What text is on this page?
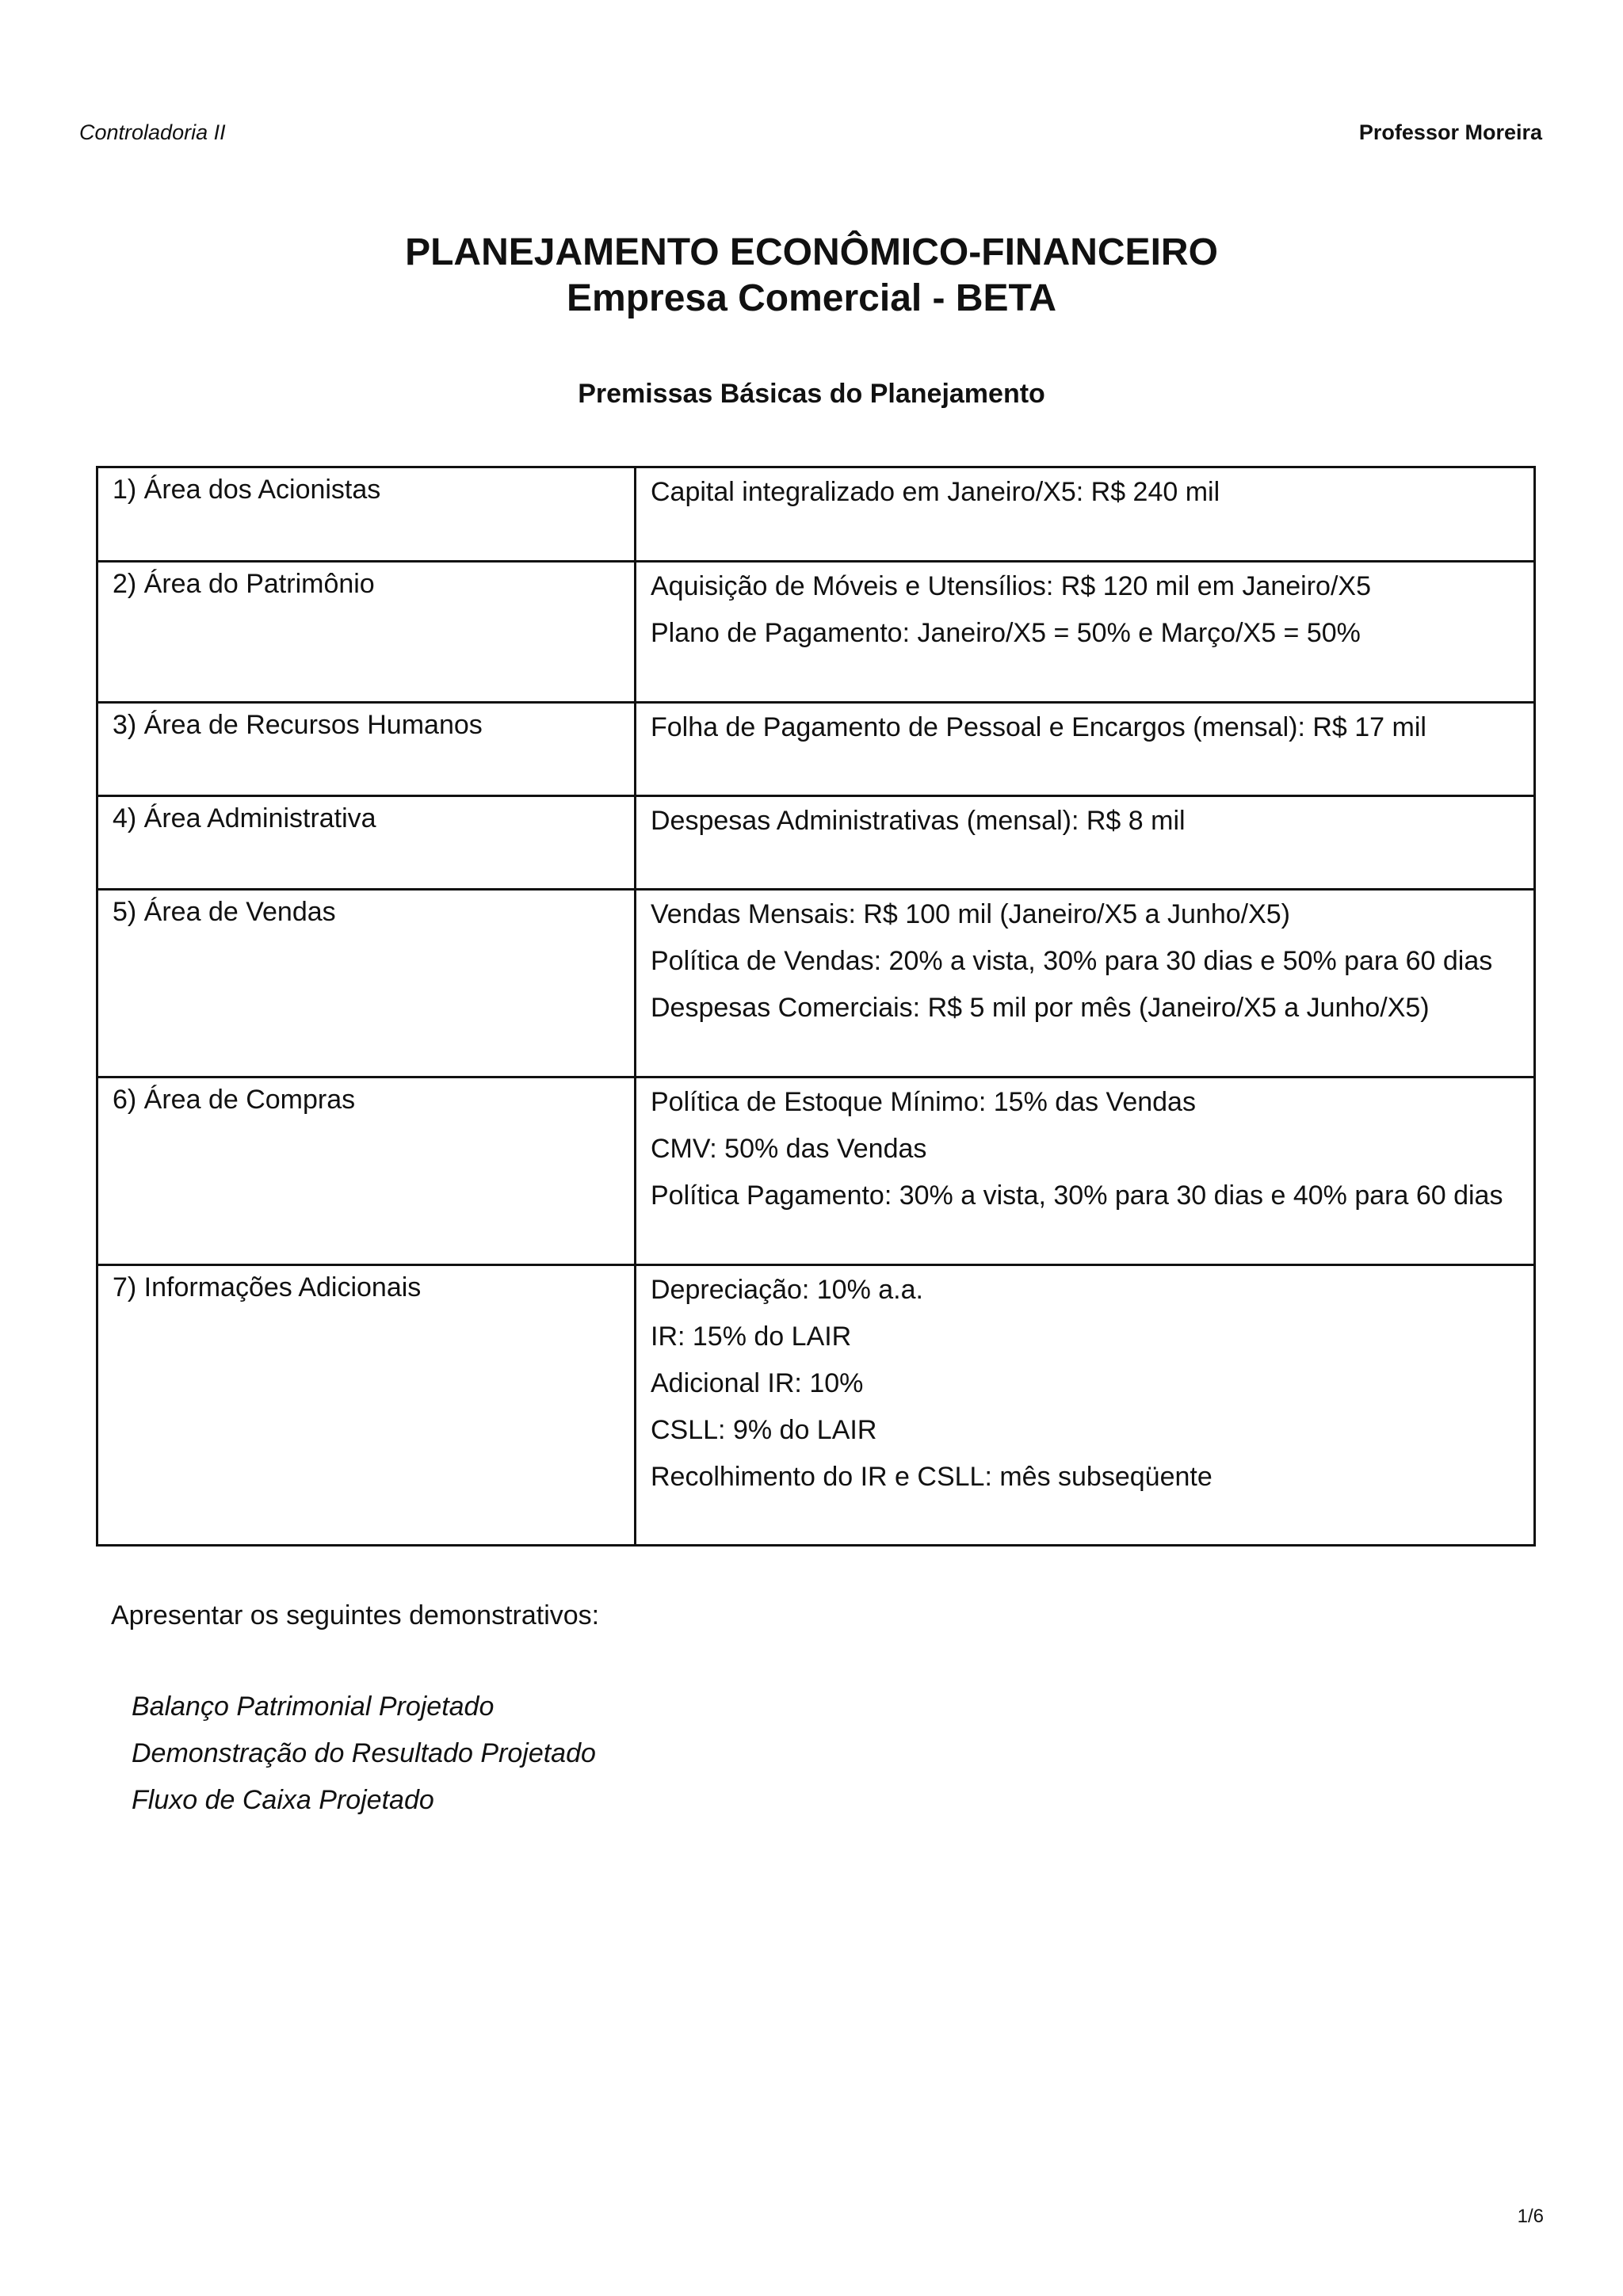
Controladoria II	Professor Moreira
PLANEJAMENTO ECONÔMICO-FINANCEIRO
Empresa Comercial - BETA
Premissas Básicas do Planejamento
1) Área dos Acionistas	Capital integralizado em Janeiro/X5: R$ 240 mil

2) Área do Patrimônio	Aquisição de Móveis e Utensílios: R$ 120 mil em Janeiro/X5
Plano de Pagamento: Janeiro/X5 = 50% e Março/X5 = 50%

3) Área de Recursos Humanos	Folha de Pagamento de Pessoal e Encargos (mensal): R$ 17 mil

4) Área Administrativa	Despesas Administrativas (mensal): R$ 8 mil

5) Área de Vendas	Vendas Mensais: R$ 100 mil (Janeiro/X5 a Junho/X5)
Política de Vendas: 20% a vista, 30% para 30 dias e 50% para 60 dias
Despesas Comerciais: R$ 5 mil por mês (Janeiro/X5 a Junho/X5)

6) Área de Compras	Política de Estoque Mínimo: 15% das Vendas
CMV: 50% das Vendas
Política Pagamento: 30% a vista, 30% para 30 dias e 40% para 60 dias

7) Informações Adicionais	Depreciação: 10% a.a.
IR: 15% do LAIR
Adicional IR: 10%
CSLL: 9% do LAIR
Recolhimento do IR e CSLL: mês subseqüente
Apresentar os seguintes demonstrativos:
Balanço Patrimonial Projetado
Demonstração do Resultado Projetado
Fluxo de Caixa Projetado
1/6
